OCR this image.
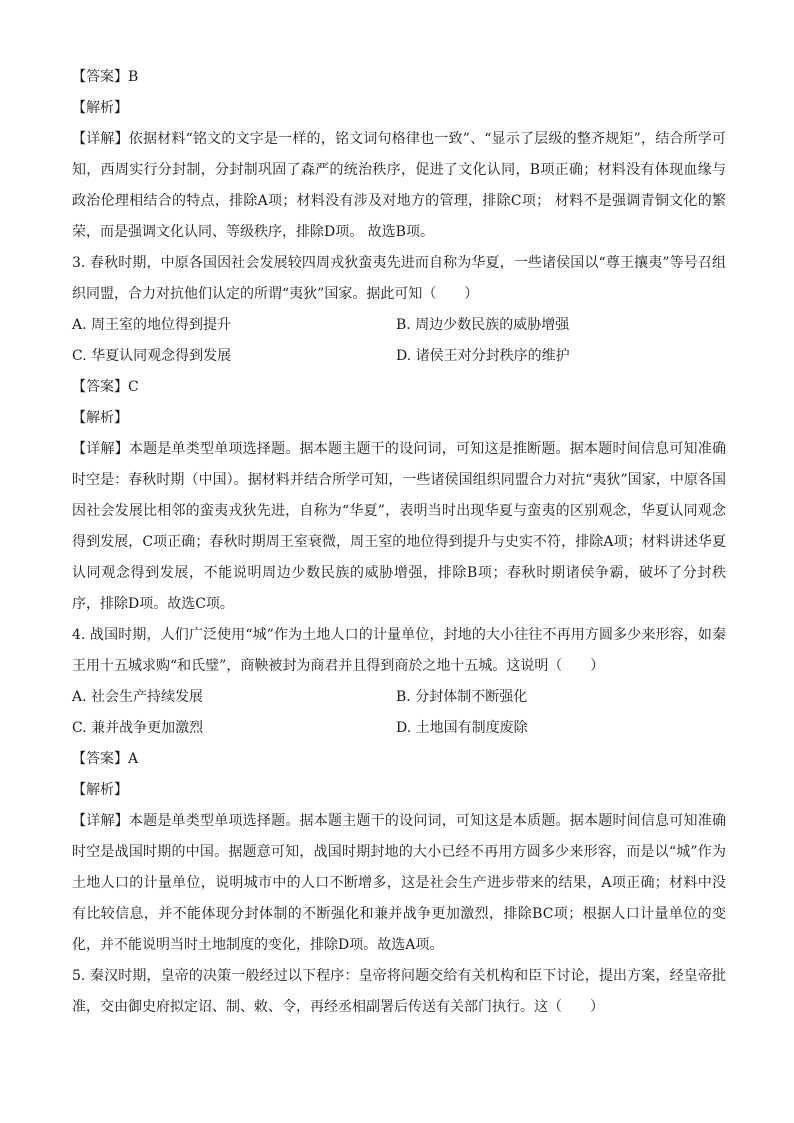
【答案】B
【解析】

【详解】依据材料“铭文的文字是一样的，铭文词句格律也一致”、“显示了层级的整齐规矩”，结合所学可知，西周实行分封制，分封制巩固了森严的统治秩序，促进了文化认同，B项正确；材料没有体现血缘与政治伦理相结合的特点，排除A项；材料没有涉及对地方的管理，排除C项； 材料不是强调青铜文化的繁荣，而是强调文化认同、等级秩序，排除D项。 故选B项。

3. 春秋时期，中原各国因社会发展较四周戎狄蛮夷先进而自称为华夏，一些诸侯国以“尊王攘夷”等号召组织同盟，合力对抗他们认定的所谓“夷狄”国家。据此可知（　　）

A. 周王室的地位得到提升	B. 周边少数民族的威胁增强
C. 华夏认同观念得到发展	D. 诸侯王对分封秩序的维护
【答案】C
【解析】

【详解】本题是单类型单项选择题。据本题主题干的设问词，可知这是推断题。据本题时间信息可知准确时空是：春秋时期（中国）。据材料并结合所学可知，一些诸侯国组织同盟合力对抗“夷狄”国家，中原各国因社会发展比相邻的蛮夷戎狄先进，自称为“华夏”，表明当时出现华夏与蛮夷的区别观念，华夏认同观念得到发展，C项正确；春秋时期周王室衰微，周王室的地位得到提升与史实不符，排除A项；材料讲述华夏认同观念得到发展，不能说明周边少数民族的威胁增强，排除B项；春秋时期诸侯争霸，破坏了分封秩序，排除D项。故选C项。

4. 战国时期，人们广泛使用“城”作为土地人口的计量单位，封地的大小往往不再用方圆多少来形容，如秦王用十五城求购“和氏璧”，商鞅被封为商君并且得到商於之地十五城。这说明（　　）

A. 社会生产持续发展	B. 分封体制不断强化
C. 兼并战争更加激烈	D. 土地国有制度废除
【答案】A
【解析】

【详解】本题是单类型单项选择题。据本题主题干的设问词，可知这是本质题。据本题时间信息可知准确时空是战国时期的中国。据题意可知，战国时期封地的大小已经不再用方圆多少来形容，而是以“城”作为土地人口的计量单位，说明城市中的人口不断增多，这是社会生产进步带来的结果，A项正确；材料中没有比较信息，并不能体现分封体制的不断强化和兼并战争更加激烈，排除BC项；根据人口计量单位的变化，并不能说明当时土地制度的变化，排除D项。故选A项。

5. 秦汉时期，皇帝的决策一般经过以下程序：皇帝将问题交给有关机构和臣下讨论，提出方案，经皇帝批准，交由御史府拟定诏、制、敕、令，再经丞相副署后传送有关部门执行。这（　　）
